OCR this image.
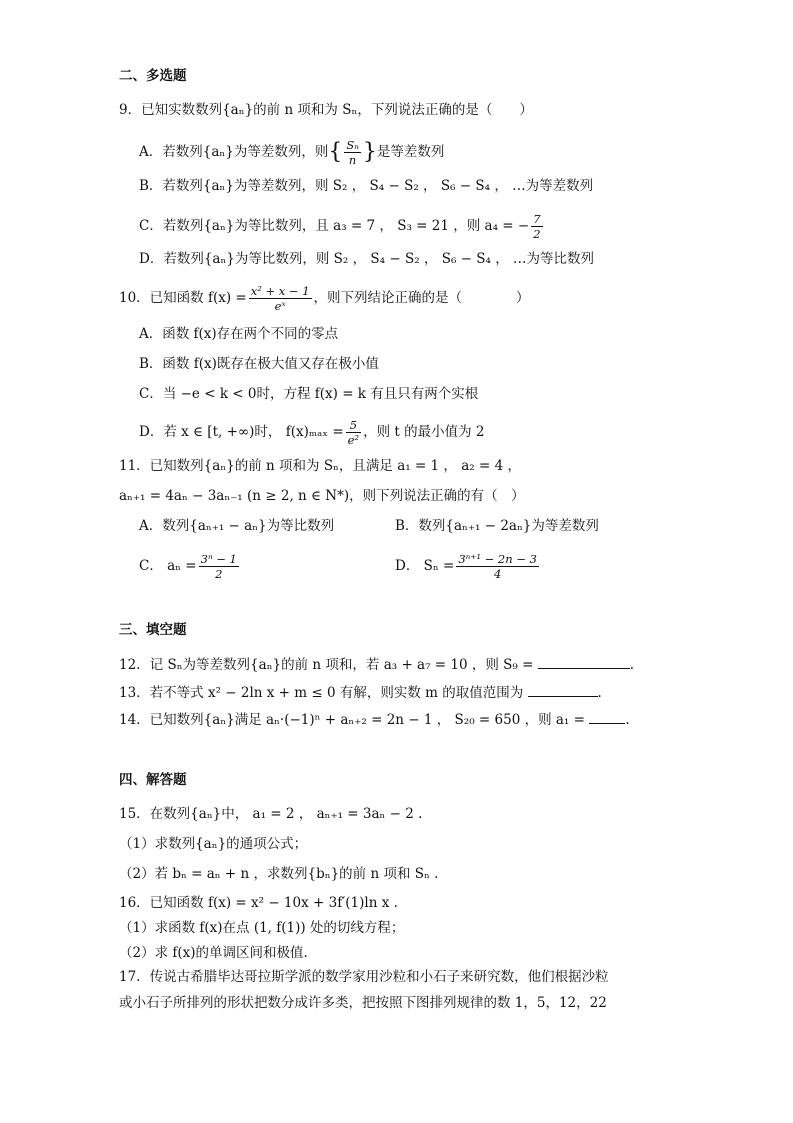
二、多选题
9．已知实数数列{aₙ}的前 n 项和为 Sₙ，下列说法正确的是（　　）
A．若数列{aₙ}为等差数列，则{ $\frac{\text{Sₙ}}{n}$ }是等差数列
B．若数列{aₙ}为等差数列，则 S₂ ， S₄ − S₂ ， S₆ − S₄ ， …为等差数列
C．若数列{aₙ}为等比数列，且 a₃ = 7 ， S₃ = 21 ，则 a₄ = − $\frac{7}{2}$
D．若数列{aₙ}为等比数列，则 S₂ ， S₄ − S₂ ， S₆ − S₄ ， …为等比数列
10．已知函数 $f(x) = \frac{\text{x² + x − 1}}{\text{eˣ}}$ ，则下列结论正确的是（　　　　）
A．函数 f(x)存在两个不同的零点
B．函数 f(x)既存在极大值又存在极小值
C．当 −e < k < 0时，方程 f(x) = k 有且只有两个实根
D．若 x ∈ [t, +∞)时， $f(x)_{max} = \frac{5}{\text{e²}}$ ，则 t 的最小值为 2
11．已知数列{aₙ}的前 n 项和为 Sₙ，且满足 a₁ = 1 ， a₂ = 4 ，
aₙ₊₁ = 4aₙ − 3aₙ₋₁ (n ≥ 2, n ∈ N*)，则下列说法正确的有（　）
A．数列{aₙ₊₁ − aₙ}为等比数列	B．数列{aₙ₊₁ − 2aₙ}为等差数列
C． $a_n = \frac{\text{3ⁿ − 1}}{2}$	D． $S_n = \frac{\text{3ⁿ⁺¹ − 2n − 3}}{4}$
三、填空题
12．记 Sₙ为等差数列{aₙ}的前 n 项和，若 a₃ + a₇ = 10 ，则 S₉ =	.
13．若不等式 x² − 2ln x + m ≤ 0 有解，则实数 m 的取值范围为	.
14．已知数列{aₙ}满足 aₙ·(−1)ⁿ + aₙ₊₂ = 2n − 1 ， S₂₀ = 650 ，则 a₁ =	.
四、解答题
15．在数列{aₙ}中， a₁ = 2 ， aₙ₊₁ = 3aₙ − 2 .
（1）求数列{aₙ}的通项公式；
（2）若 bₙ = aₙ + n ，求数列{bₙ}的前 n 项和 Sₙ .
16．已知函数 f(x) = x² − 10x + 3f′(1)ln x .
（1）求函数 f(x)在点 (1, f(1)) 处的切线方程；
（2）求 f(x)的单调区间和极值.
17．传说古希腊毕达哥拉斯学派的数学家用沙粒和小石子来研究数，他们根据沙粒
或小石子所排列的形状把数分成许多类，把按照下图排列规律的数 1，5，12，22
